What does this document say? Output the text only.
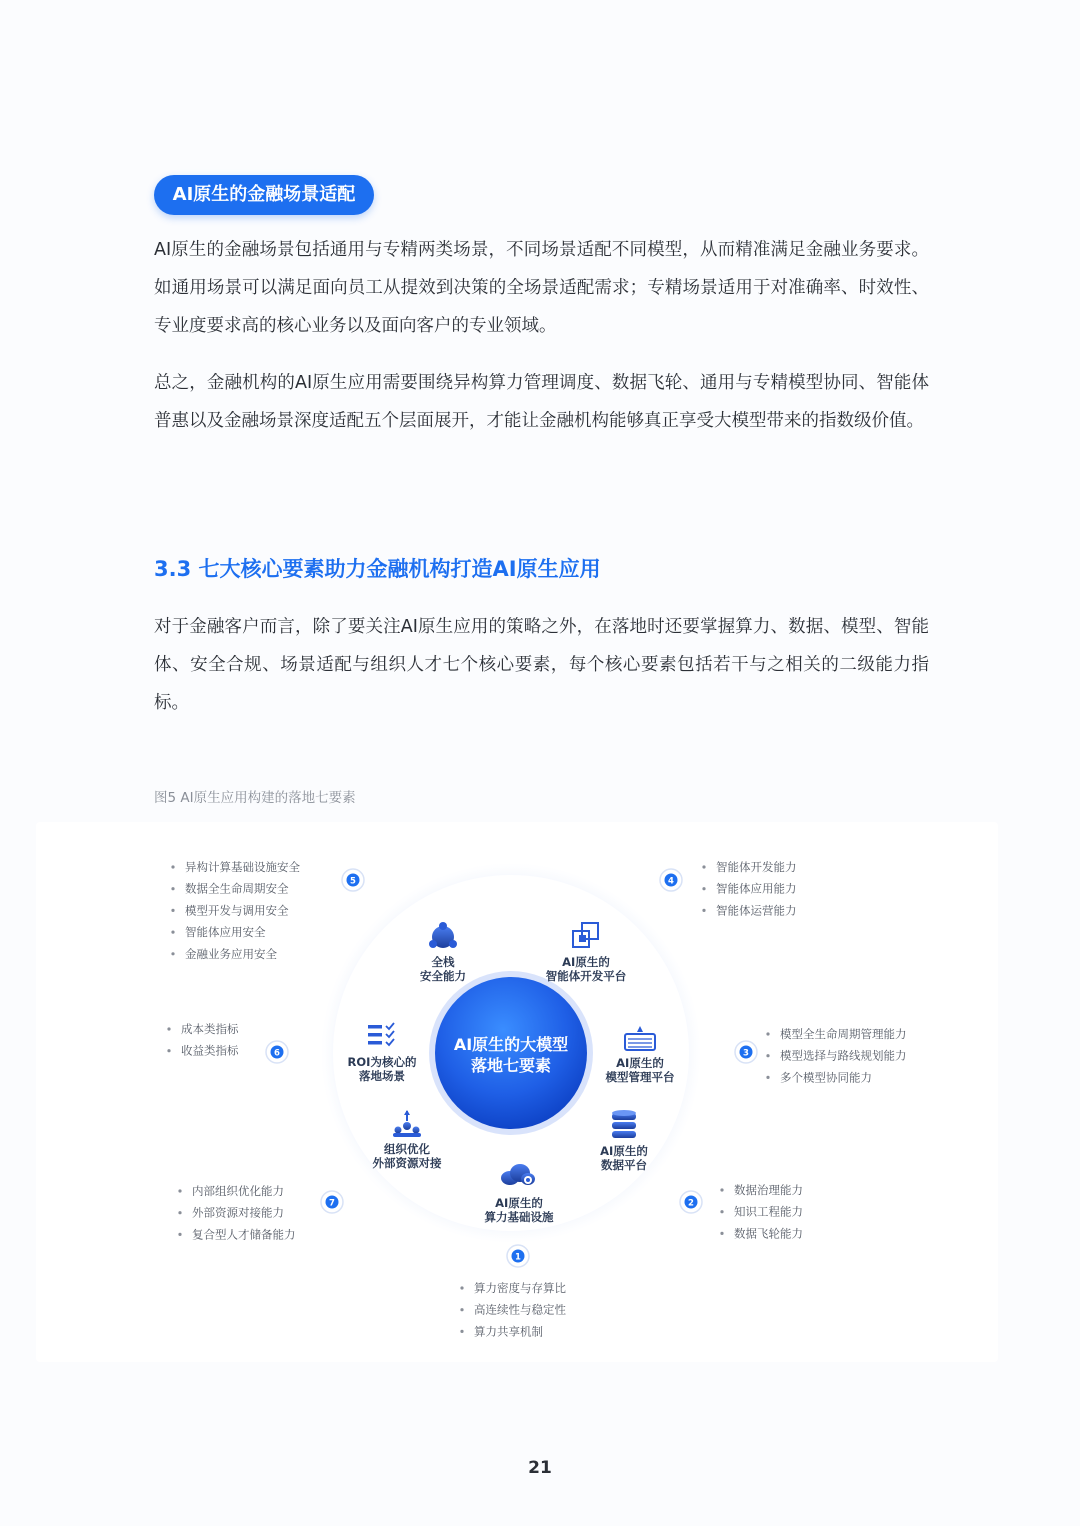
AI原生的金融场景适配

AI原生的金融场景包括通用与专精两类场景，不同场景适配不同模型，从而精准满足金融业务要求。如通用场景可以满足面向员工从提效到决策的全场景适配需求；专精场景适用于对准确率、时效性、专业度要求高的核心业务以及面向客户的专业领域。

总之，金融机构的AI原生应用需要围绕异构算力管理调度、数据飞轮、通用与专精模型协同、智能体普惠以及金融场景深度适配五个层面展开，才能让金融机构能够真正享受大模型带来的指数级价值。

3.3 七大核心要素助力金融机构打造AI原生应用

对于金融客户而言，除了要关注AI原生应用的策略之外，在落地时还要掌握算力、数据、模型、智能体、安全合规、场景适配与组织人才七个核心要素，每个核心要素包括若干与之相关的二级能力指标。

图5 AI原生应用构建的落地七要素
AI原生的大模型
落地七要素
AI原生的
算力基础设施
1
算力密度与存算比
高连续性与稳定性
算力共享机制
AI原生的
数据平台
2
数据治理能力
知识工程能力
数据飞轮能力
AI原生的
模型管理平台
3
模型全生命周期管理能力
模型选择与路线规划能力
多个模型协同能力
AI原生的
智能体开发平台
4
智能体开发能力
智能体应用能力
智能体运营能力
全栈
安全能力
5
异构计算基础设施安全
数据全生命周期安全
模型开发与调用安全
智能体应用安全
金融业务应用安全
ROI为核心的
落地场景
6
成本类指标
收益类指标
组织优化
外部资源对接
7
内部组织优化能力
外部资源对接能力
复合型人才储备能力
21
